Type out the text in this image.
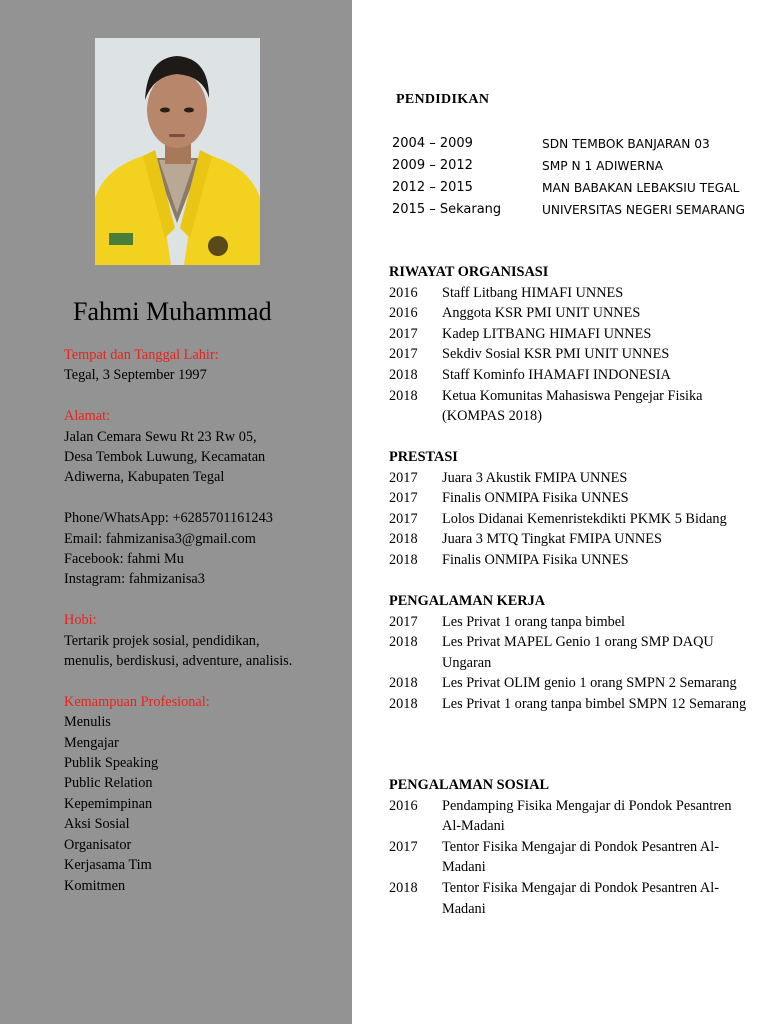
Fahmi Muhammad
Tempat dan Tanggal Lahir:
Tegal, 3 September 1997
Alamat:
Jalan Cemara Sewu Rt 23 Rw 05,
Desa Tembok Luwung, Kecamatan
Adiwerna, Kabupaten Tegal
Phone/WhatsApp: +6285701161243
Email: fahmizanisa3@gmail.com
Facebook: fahmi Mu
Instagram: fahmizanisa3
Hobi:
Tertarik projek sosial, pendidikan,
menulis, berdiskusi, adventure, analisis.
Kemampuan Profesional:
Menulis
Mengajar
Publik Speaking
Public Relation
Kepemimpinan
Aksi Sosial
Organisator
Kerjasama Tim
Komitmen
PENDIDIKAN
2004 – 2009	SDN TEMBOK BANJARAN 03
2009 – 2012	SMP N 1 ADIWERNA
2012 – 2015	MAN BABAKAN LEBAKSIU TEGAL
2015 – Sekarang	UNIVERSITAS NEGERI SEMARANG
RIWAYAT ORGANISASI
2016	Staff Litbang HIMAFI UNNES
2016	Anggota KSR PMI UNIT UNNES
2017	Kadep LITBANG HIMAFI UNNES
2017	Sekdiv Sosial KSR PMI UNIT UNNES
2018	Staff Kominfo IHAMAFI INDONESIA
2018	Ketua Komunitas Mahasiswa Pengejar Fisika (KOMPAS 2018)
PRESTASI
2017	Juara 3 Akustik FMIPA UNNES
2017	Finalis ONMIPA Fisika UNNES
2017	Lolos Didanai Kemenristekdikti PKMK 5 Bidang
2018	Juara 3 MTQ Tingkat FMIPA UNNES
2018	Finalis ONMIPA Fisika UNNES
PENGALAMAN KERJA
2017	Les Privat 1 orang tanpa bimbel
2018	Les Privat MAPEL Genio 1 orang SMP DAQU Ungaran
2018	Les Privat OLIM genio 1 orang SMPN 2 Semarang
2018	Les Privat 1 orang tanpa bimbel SMPN 12 Semarang
PENGALAMAN SOSIAL
2016	Pendamping Fisika Mengajar di Pondok Pesantren Al-Madani
2017	Tentor Fisika Mengajar di Pondok Pesantren Al-Madani
2018	Tentor Fisika Mengajar di Pondok Pesantren Al-Madani
